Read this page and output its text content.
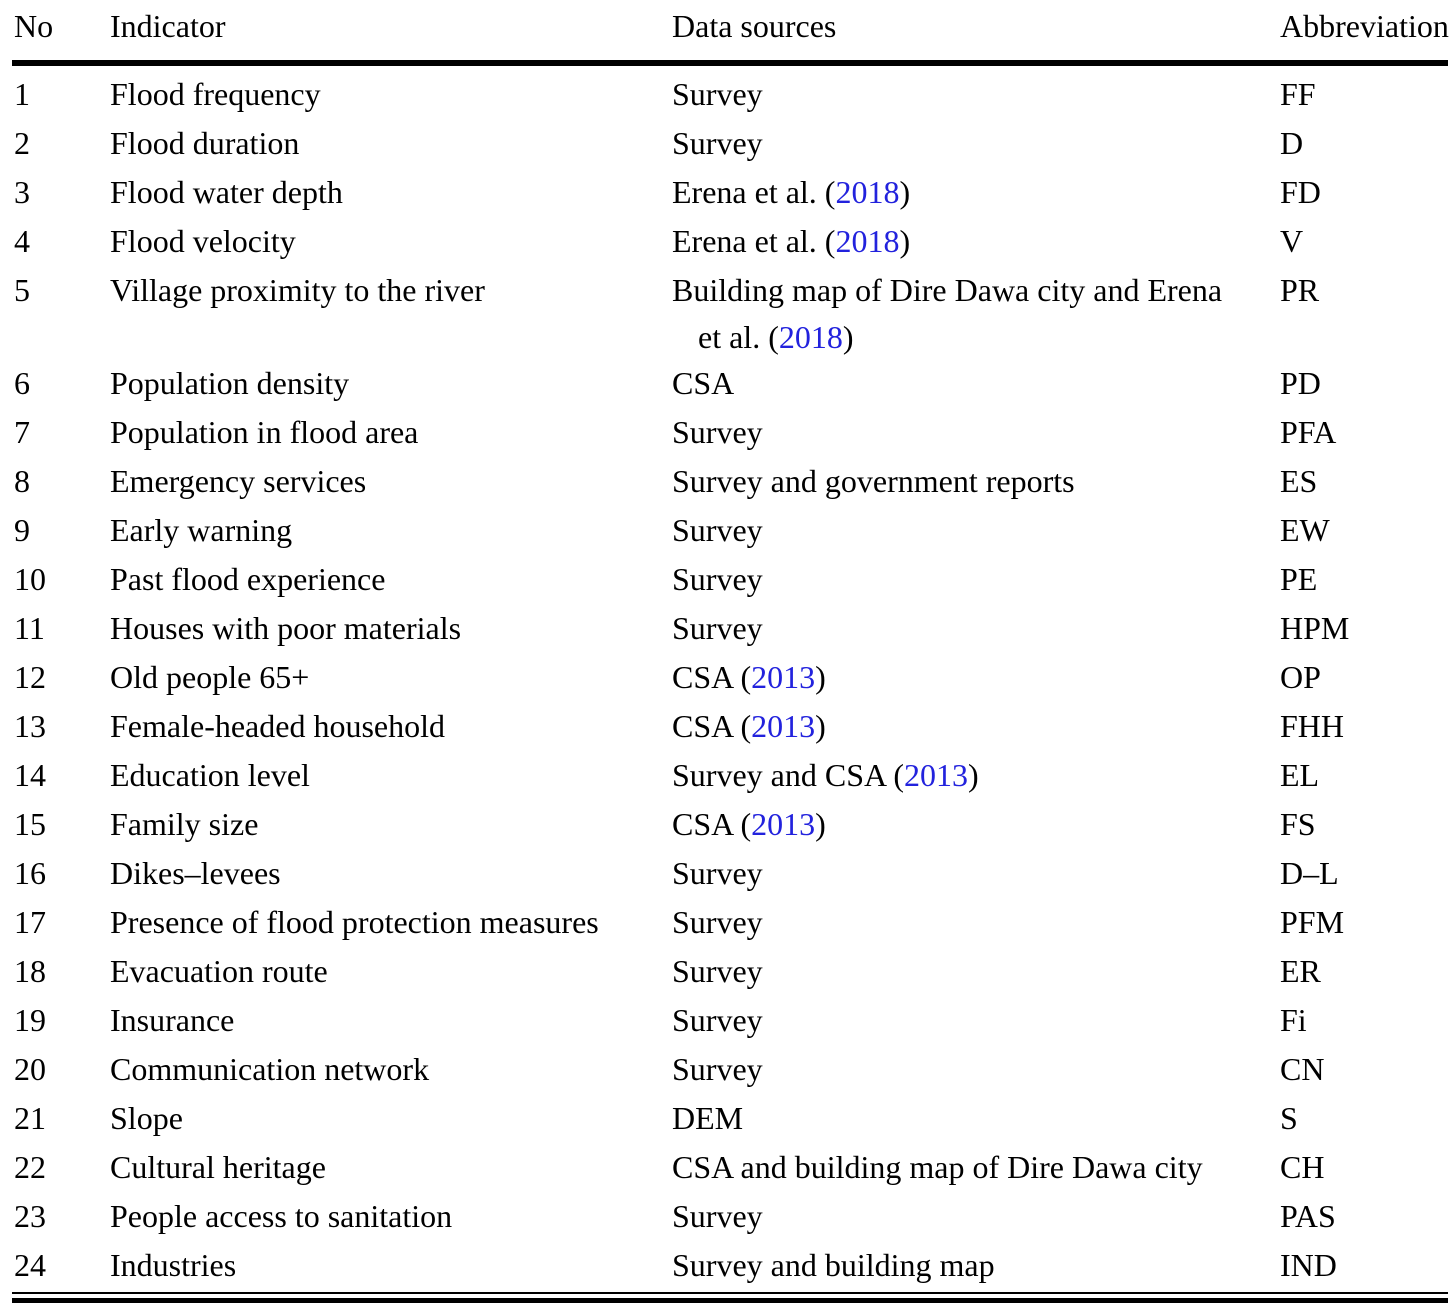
No	Indicator	Data sources	Abbreviation
1	Flood frequency	Survey	FF
2	Flood duration	Survey	D
3	Flood water depth	Erena et al. (2018)	FD
4	Flood velocity	Erena et al. (2018)	V
5	Village proximity to the river	Building map of Dire Dawa city and Erena
et al. (2018)	PR
6	Population density	CSA	PD
7	Population in flood area	Survey	PFA
8	Emergency services	Survey and government reports	ES
9	Early warning	Survey	EW
10	Past flood experience	Survey	PE
11	Houses with poor materials	Survey	HPM
12	Old people 65+	CSA (2013)	OP
13	Female-headed household	CSA (2013)	FHH
14	Education level	Survey and CSA (2013)	EL
15	Family size	CSA (2013)	FS
16	Dikes–levees	Survey	D–L
17	Presence of flood protection measures	Survey	PFM
18	Evacuation route	Survey	ER
19	Insurance	Survey	Fi
20	Communication network	Survey	CN
21	Slope	DEM	S
22	Cultural heritage	CSA and building map of Dire Dawa city	CH
23	People access to sanitation	Survey	PAS
24	Industries	Survey and building map	IND
